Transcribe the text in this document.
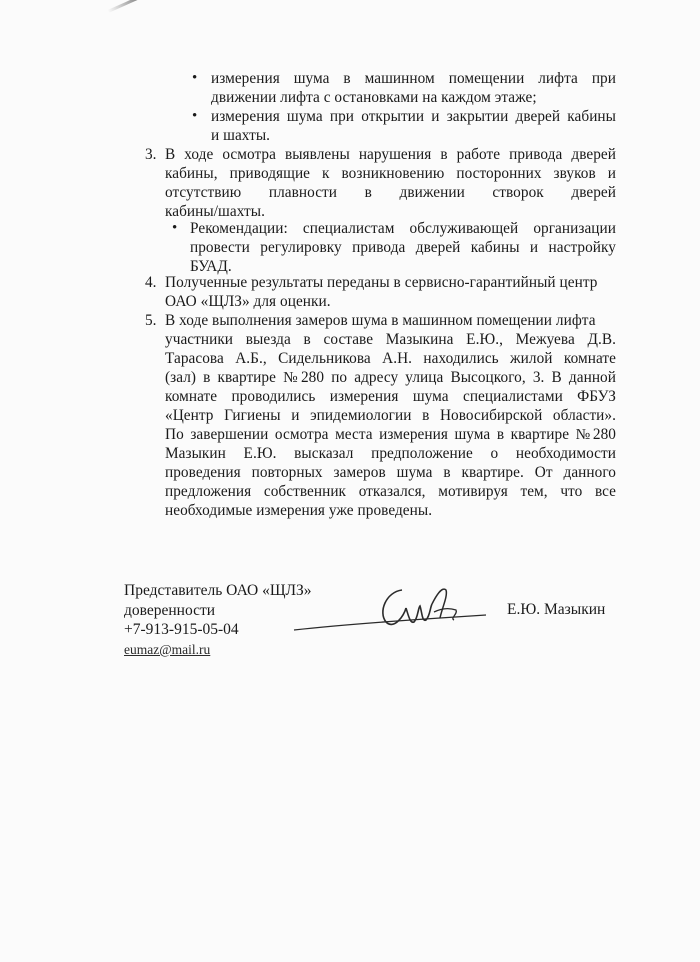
• измерения шума в машинном помещении лифта при
движении лифта с остановками на каждом этаже;
• измерения шума при открытии и закрытии дверей кабины
и шахты.
3. В ходе осмотра выявлены нарушения в работе привода дверей
кабины, приводящие к возникновению посторонних звуков и
отсутствию плавности в движении створок дверей
кабины/шахты.
• Рекомендации: специалистам обслуживающей организации
провести регулировку привода дверей кабины и настройку
БУАД.
4. Полученные результаты переданы в сервисно-гарантийный центр
ОАО «ЩЛЗ» для оценки.
5. В ходе выполнения замеров шума в машинном помещении лифта
участники выезда в составе Мазыкина Е.Ю., Межуева Д.В.
Тарасова А.Б., Сидельникова А.Н. находились жилой комнате
(зал) в квартире №280 по адресу улица Высоцкого, 3. В данной
комнате проводились измерения шума специалистами ФБУЗ
«Центр Гигиены и эпидемиологии в Новосибирской области».
По завершении осмотра места измерения шума в квартире №280
Мазыкин Е.Ю. высказал предположение о необходимости
проведения повторных замеров шума в квартире. От данного
предложения собственник отказался, мотивируя тем, что все
необходимые измерения уже проведены.
Представитель ОАО «ЩЛЗ»
доверенности
+7-913-915-05-04
eumaz@mail.ru
Е.Ю. Мазыкин
